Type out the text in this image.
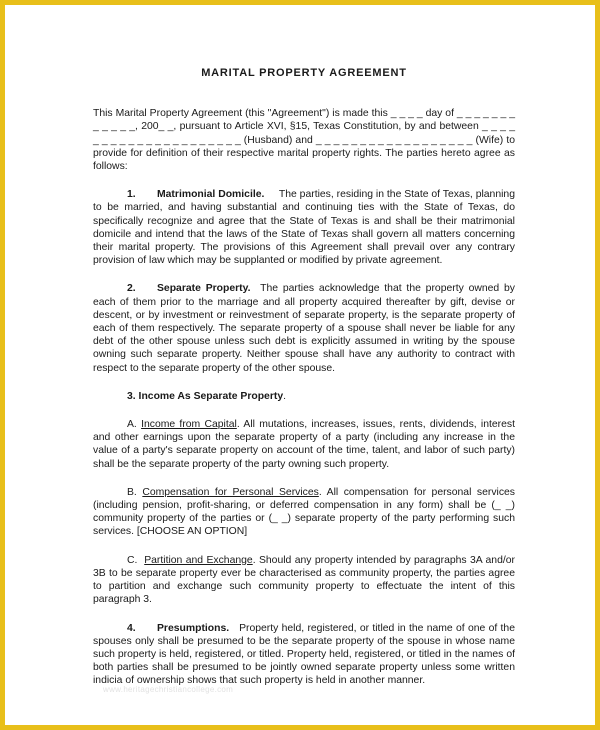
MARITAL PROPERTY AGREEMENT

This Marital Property Agreement (this "Agreement") is made this _ _ _ _ day of _ _ _ _ _ _ _ _ _ _ _ _, 200_ _, pursuant to Article XVI, §15, Texas Constitution, by and between _ _ _ _ _ _ _ _ _ _ _ _ _ _ _ _ _ _ _ _ _ (Husband) and _ _ _ _ _ _ _ _ _ _ _ _ _ _ _ _ _ _ (Wife) to provide for definition of their respective marital property rights. The parties hereto agree as follows:

1. Matrimonial Domicile. The parties, residing in the State of Texas, planning to be married, and having substantial and continuing ties with the State of Texas, do specifically recognize and agree that the State of Texas is and shall be their matrimonial domicile and intend that the laws of the State of Texas shall govern all matters concerning their marital property. The provisions of this Agreement shall prevail over any contrary provision of law which may be supplanted or modified by private agreement.

2. Separate Property. The parties acknowledge that the property owned by each of them prior to the marriage and all property acquired thereafter by gift, devise or descent, or by investment or reinvestment of separate property, is the separate property of each of them respectively. The separate property of a spouse shall never be liable for any debt of the other spouse unless such debt is explicitly assumed in writing by the spouse owning such separate property. Neither spouse shall have any authority to contract with respect to the separate property of the other spouse.

3. Income As Separate Property.

A. Income from Capital. All mutations, increases, issues, rents, dividends, interest and other earnings upon the separate property of a party (including any increase in the value of a party's separate property on account of the time, talent, and labor of such party) shall be the separate property of the party owning such property.

B. Compensation for Personal Services. All compensation for personal services (including pension, profit-sharing, or deferred compensation in any form) shall be (_ _) community property of the parties or (_ _) separate property of the party performing such services. [CHOOSE AN OPTION]

C. Partition and Exchange. Should any property intended by paragraphs 3A and/or 3B to be separate property ever be characterised as community property, the parties agree to partition and exchange such community property to effectuate the intent of this paragraph 3.

4. Presumptions. Property held, registered, or titled in the name of one of the spouses only shall be presumed to be the separate property of the spouse in whose name such property is held, registered, or titled. Property held, registered, or titled in the names of both parties shall be presumed to be jointly owned separate property unless some written indicia of ownership shows that such property is held in another manner.

www.heritagechristiancollege.com
